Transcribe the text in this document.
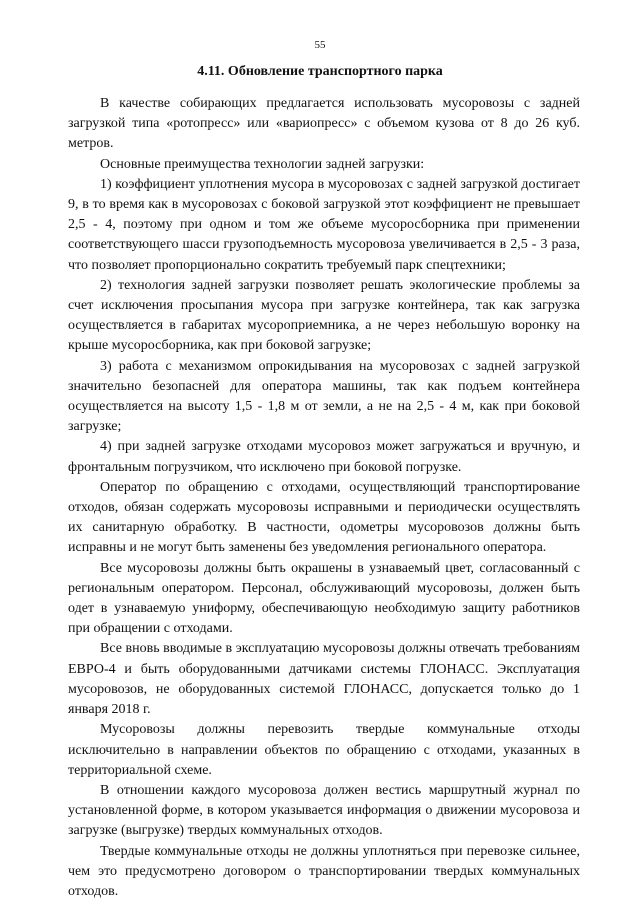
55
4.11. Обновление транспортного парка

В качестве собирающих предлагается использовать мусоровозы с задней загрузкой типа «ротопресс» или «вариопресс» с объемом кузова от 8 до 26 куб. метров.

Основные преимущества технологии задней загрузки:

1) коэффициент уплотнения мусора в мусоровозах с задней загрузкой достигает 9, в то время как в мусоровозах с боковой загрузкой этот коэффициент не превышает 2,5 - 4, поэтому при одном и том же объеме мусоросборника при применении соответствующего шасси грузоподъемность мусоровоза увеличивается в 2,5 - 3 раза, что позволяет пропорционально сократить требуемый парк спецтехники;

2) технология задней загрузки позволяет решать экологические проблемы за счет исключения просыпания мусора при загрузке контейнера, так как загрузка осуществляется в габаритах мусороприемника, а не через небольшую воронку на крыше мусоросборника, как при боковой загрузке;

3) работа с механизмом опрокидывания на мусоровозах с задней загрузкой значительно безопасней для оператора машины, так как подъем контейнера осуществляется на высоту 1,5 - 1,8 м от земли, а не на 2,5 - 4 м, как при боковой загрузке;

4) при задней загрузке отходами мусоровоз может загружаться и вручную, и фронтальным погрузчиком, что исключено при боковой погрузке.

Оператор по обращению с отходами, осуществляющий транспортирование отходов, обязан содержать мусоровозы исправными и периодически осуществлять их санитарную обработку. В частности, одометры мусоровозов должны быть исправны и не могут быть заменены без уведомления регионального оператора.

Все мусоровозы должны быть окрашены в узнаваемый цвет, согласованный с региональным оператором. Персонал, обслуживающий мусоровозы, должен быть одет в узнаваемую униформу, обеспечивающую необходимую защиту работников при обращении с отходами.

Все вновь вводимые в эксплуатацию мусоровозы должны отвечать требованиям ЕВРО-4 и быть оборудованными датчиками системы ГЛОНАСС. Эксплуатация мусоровозов, не оборудованных системой ГЛОНАСС, допускается только до 1 января 2018 г.

Мусоровозы должны перевозить твердые коммунальные отходы исключительно в направлении объектов по обращению с отходами, указанных в территориальной схеме.

В отношении каждого мусоровоза должен вестись маршрутный журнал по установленной форме, в котором указывается информация о движении мусоровоза и загрузке (выгрузке) твердых коммунальных отходов.

Твердые коммунальные отходы не должны уплотняться при перевозке сильнее, чем это предусмотрено договором о транспортировании твердых коммунальных отходов.
